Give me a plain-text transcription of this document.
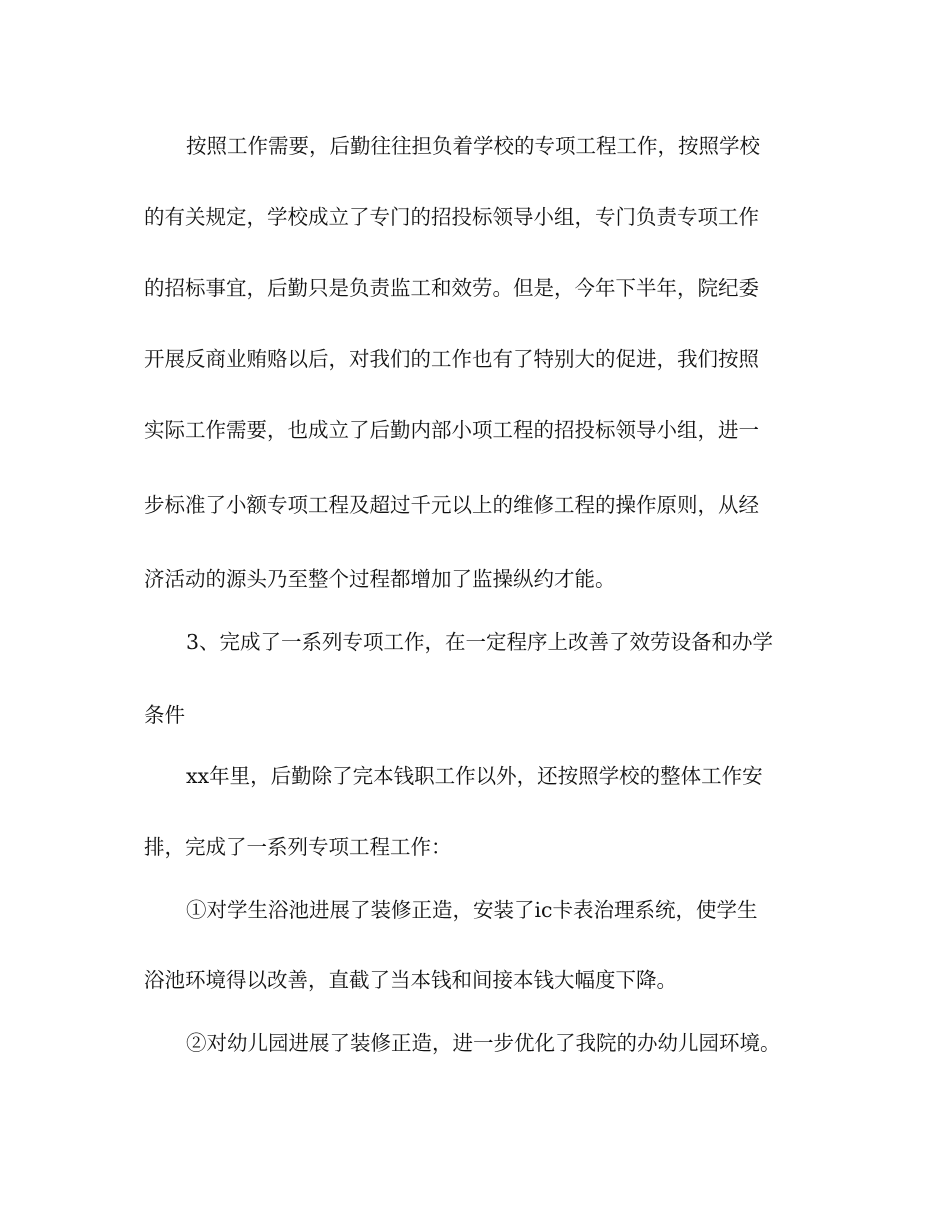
按照工作需要，后勤往往担负着学校的专项工程工作，按照学校
的有关规定，学校成立了专门的招投标领导小组，专门负责专项工作
的招标事宜，后勤只是负责监工和效劳。但是，今年下半年，院纪委
开展反商业贿赂以后，对我们的工作也有了特别大的促进，我们按照
实际工作需要，也成立了后勤内部小项工程的招投标领导小组，进一
步标准了小额专项工程及超过千元以上的维修工程的操作原则，从经
济活动的源头乃至整个过程都增加了监操纵约才能。
3、完成了一系列专项工作，在一定程序上改善了效劳设备和办学
条件
xx年里，后勤除了完本钱职工作以外，还按照学校的整体工作安
排，完成了一系列专项工程工作：
①对学生浴池进展了装修正造，安装了ic卡表治理系统，使学生
浴池环境得以改善，直截了当本钱和间接本钱大幅度下降。
②对幼儿园进展了装修正造，进一步优化了我院的办幼儿园环境。
